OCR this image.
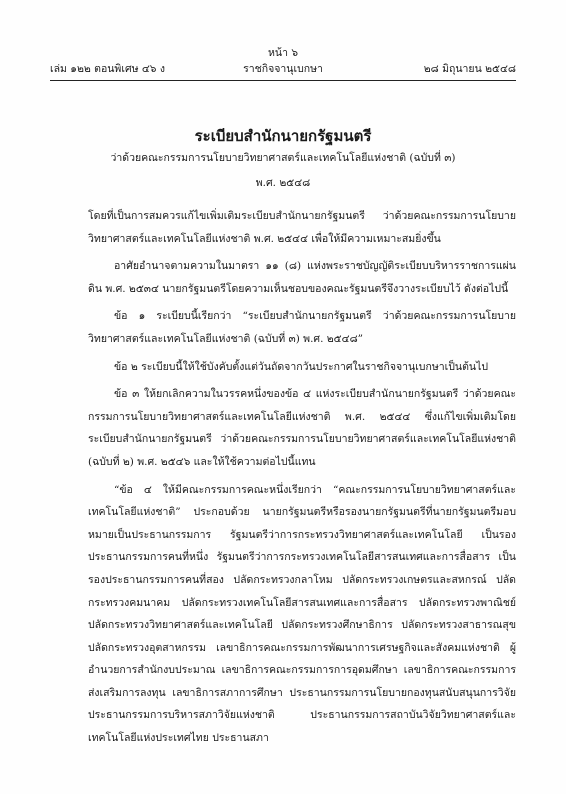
หน้า ๖
ราชกิจจานุเบกษา
เล่ม ๑๒๒ ตอนพิเศษ ๔๖ ง	๒๘ มิถุนายน ๒๕๔๘
ระเบียบสำนักนายกรัฐมนตรี
ว่าด้วยคณะกรรมการนโยบายวิทยาศาสตร์และเทคโนโลยีแห่งชาติ (ฉบับที่ ๓)
พ.ศ. ๒๕๔๘

โดยที่เป็นการสมควรแก้ไขเพิ่มเติมระเบียบสำนักนายกรัฐมนตรี ว่าด้วยคณะกรรมการนโยบายวิทยาศาสตร์และเทคโนโลยีแห่งชาติ พ.ศ. ๒๕๔๔ เพื่อให้มีความเหมาะสมยิ่งขึ้น

อาศัยอำนาจตามความในมาตรา ๑๑ (๘) แห่งพระราชบัญญัติระเบียบบริหารราชการแผ่นดิน พ.ศ. ๒๕๓๔ นายกรัฐมนตรีโดยความเห็นชอบของคณะรัฐมนตรีจึงวางระเบียบไว้ ดังต่อไปนี้

ข้อ ๑ ระเบียบนี้เรียกว่า “ระเบียบสำนักนายกรัฐมนตรี ว่าด้วยคณะกรรมการนโยบายวิทยาศาสตร์และเทคโนโลยีแห่งชาติ (ฉบับที่ ๓) พ.ศ. ๒๕๔๘”

ข้อ ๒ ระเบียบนี้ให้ใช้บังคับตั้งแต่วันถัดจากวันประกาศในราชกิจจานุเบกษาเป็นต้นไป

ข้อ ๓ ให้ยกเลิกความในวรรคหนึ่งของข้อ ๔ แห่งระเบียบสำนักนายกรัฐมนตรี ว่าด้วยคณะกรรมการนโยบายวิทยาศาสตร์และเทคโนโลยีแห่งชาติ พ.ศ. ๒๕๔๔ ซึ่งแก้ไขเพิ่มเติมโดยระเบียบสำนักนายกรัฐมนตรี ว่าด้วยคณะกรรมการนโยบายวิทยาศาสตร์และเทคโนโลยีแห่งชาติ (ฉบับที่ ๒) พ.ศ. ๒๕๔๖ และให้ใช้ความต่อไปนี้แทน

“ข้อ ๔ ให้มีคณะกรรมการคณะหนึ่งเรียกว่า “คณะกรรมการนโยบายวิทยาศาสตร์และเทคโนโลยีแห่งชาติ” ประกอบด้วย นายกรัฐมนตรีหรือรองนายกรัฐมนตรีที่นายกรัฐมนตรีมอบหมายเป็นประธานกรรมการ รัฐมนตรีว่าการกระทรวงวิทยาศาสตร์และเทคโนโลยี เป็นรองประธานกรรมการคนที่หนึ่ง รัฐมนตรีว่าการกระทรวงเทคโนโลยีสารสนเทศและการสื่อสาร เป็นรองประธานกรรมการคนที่สอง ปลัดกระทรวงกลาโหม ปลัดกระทรวงเกษตรและสหกรณ์ ปลัดกระทรวงคมนาคม ปลัดกระทรวงเทคโนโลยีสารสนเทศและการสื่อสาร ปลัดกระทรวงพาณิชย์ ปลัดกระทรวงวิทยาศาสตร์และเทคโนโลยี ปลัดกระทรวงศึกษาธิการ ปลัดกระทรวงสาธารณสุข ปลัดกระทรวงอุตสาหกรรม เลขาธิการคณะกรรมการพัฒนาการเศรษฐกิจและสังคมแห่งชาติ ผู้อำนวยการสำนักงบประมาณ เลขาธิการคณะกรรมการการอุดมศึกษา เลขาธิการคณะกรรมการส่งเสริมการลงทุน เลขาธิการสภาการศึกษา ประธานกรรมการนโยบายกองทุนสนับสนุนการวิจัย ประธานกรรมการบริหารสภาวิจัยแห่งชาติ ประธานกรรมการสถาบันวิจัยวิทยาศาสตร์และเทคโนโลยีแห่งประเทศไทย ประธานสภา
